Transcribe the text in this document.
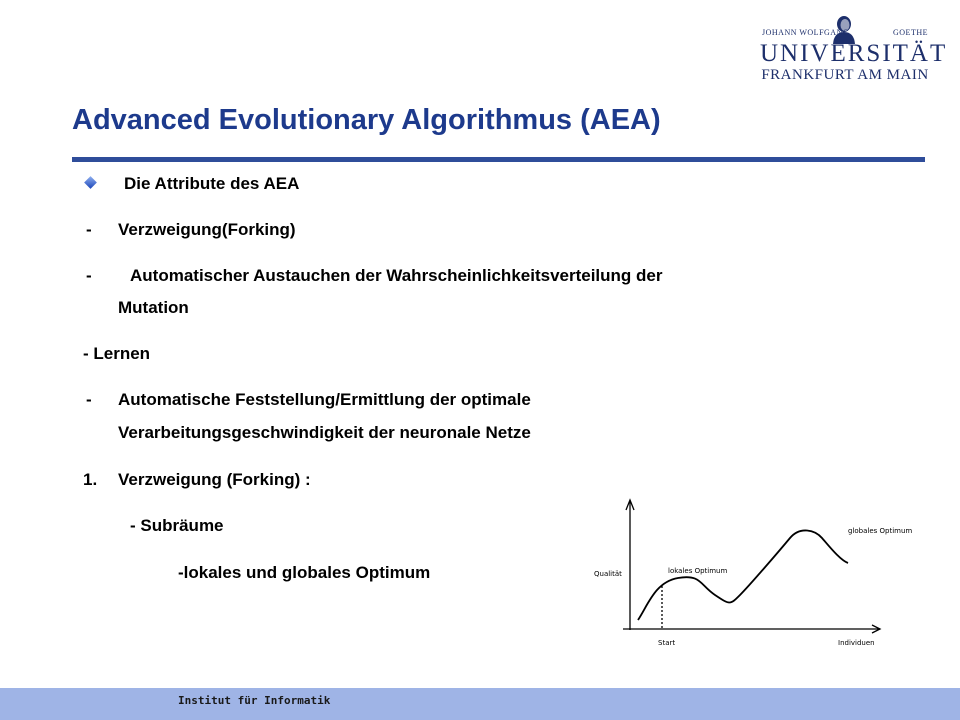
JOHANN WOLFGANG	GOETHE
UNIVERSITÄT
FRANKFURT AM MAIN
Advanced Evolutionary Algorithmus (AEA)
Die Attribute des AEA
- Verzweigung(Forking)
- Automatischer Austauchen der Wahrscheinlichkeitsverteilung der
Mutation
- Lernen
- Automatische Feststellung/Ermittlung der optimale
Verarbeitungsgeschwindigkeit der neuronale Netze
1. Verzweigung (Forking) :
- Subräume
-lokales und globales Optimum	Qualität
Individuen
Start
lokales Optimum
globales Optimum
Institut für Informatik
